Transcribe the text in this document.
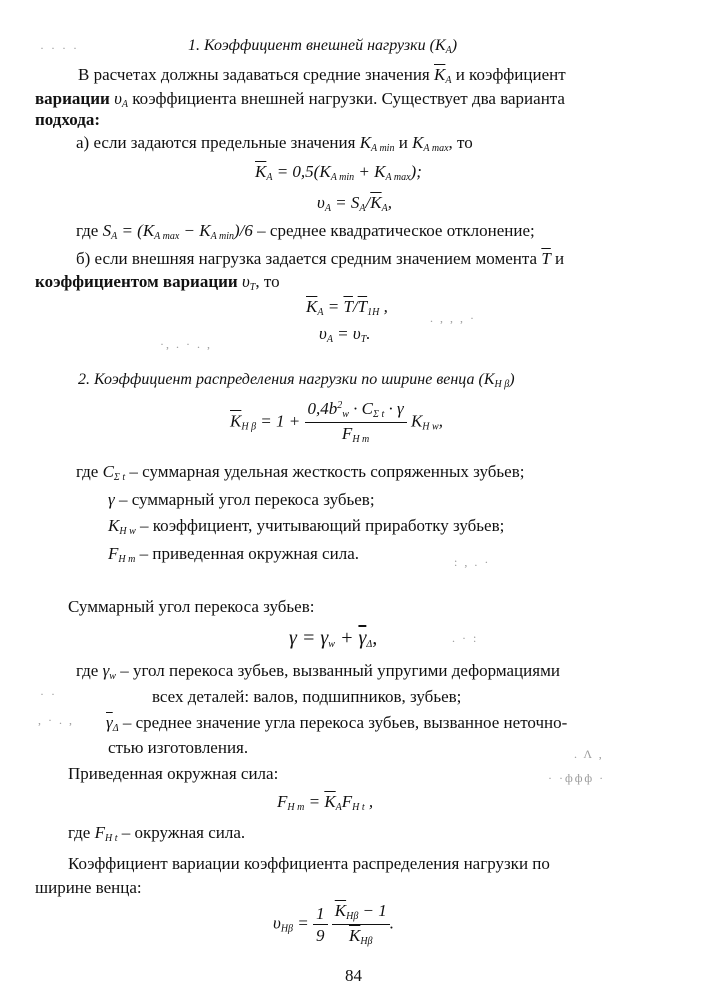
1. Коэффициент внешней нагрузки (KA)
В расчетах должны задаваться средние значения $\overline{K}A$ и коэффициент
вариации υA коэффициента внешней нагрузки. Существует два варианта
подхода:
а) если задаются предельные значения KA min и KA max, то
$\overline{K}A = 0,5(KA$ min + KA max);
$\upsilon A = SA/\overline{K}A$,
где SA = (KA max − KA min)/6 – среднее квадратическое отклонение;
б) если внешняя нагрузка задается средним значением момента $\overline{T}$ и
коэффициентом вариации υT, то
$\overline{K}A = \overline{T}/\overline{T}1H$ ,
υA = υT.
2. Коэффициент распределения нагрузки по ширине венца (KH β)
$\overline{K}H$ $\beta = 1 + \frac{0,4b^2w \cdot C\Sigma t \cdot \gamma}{\text{FH m}}$ KH w,
где CΣ t – суммарная удельная жесткость сопряженных зубьев;
γ – суммарный угол перекоса зубьев;
KH w – коэффициент, учитывающий приработку зубьев;
FH m – приведенная окружная сила.
Суммарный угол перекоса зубьев:
$\gamma = \gamma w + \overline{\gamma}\Delta$,
где γw – угол перекоса зубьев, вызванный упругими деформациями
всех деталей: валов, подшипников, зубьев;
$\overline{\gamma}\Delta$ – среднее значение угла перекоса зубьев, вызванное неточно-
стью изготовления.
Приведенная окружная сила:
FH $m = \overline{K}AFH$ t ,
где FH t – окружная сила.
Коэффициент вариации коэффициента распределения нагрузки по
ширине венца:
$\upsilon H\beta = \frac{1}{9}$
$\frac{\overline{K}H\beta - 1}{\overline{K}H\beta}$ .
84
· · · ·
. , , , ·
·, . · . ,
: , . ·
. · :
· ·
, · . ,
. Λ ,
· ·ффф ·
